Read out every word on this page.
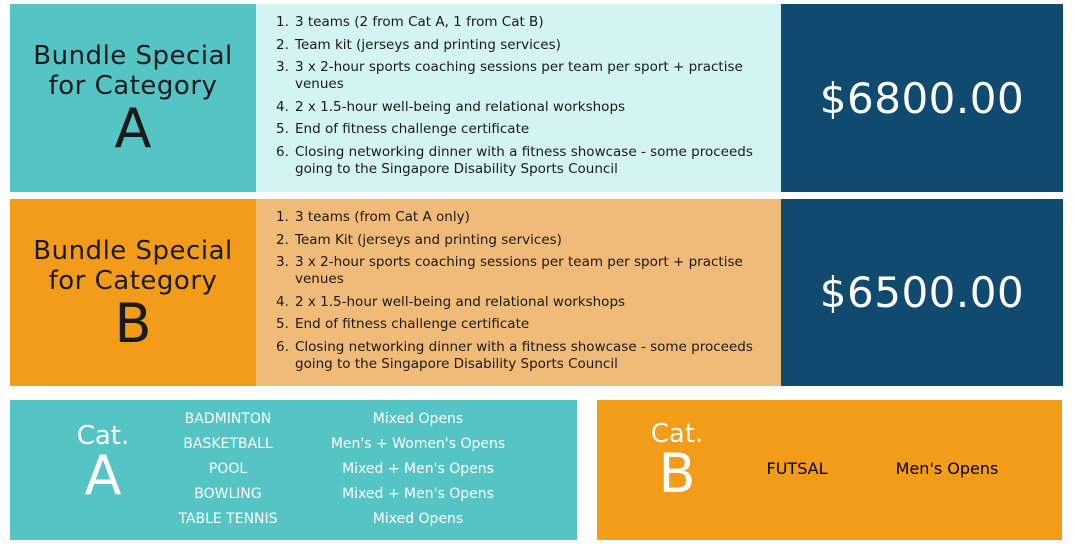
Bundle Special
for Category
A
1. 3 teams (2 from Cat A, 1 from Cat B)
2. Team kit (jerseys and printing services)
3. 3 x 2-hour sports coaching sessions per team per sport + practise venues
4. 2 x 1.5-hour well-being and relational workshops
5. End of fitness challenge certificate
6. Closing networking dinner with a fitness showcase - some proceeds going to the Singapore Disability Sports Council
$6800.00
Bundle Special
for Category
B
1. 3 teams (from Cat A only)
2. Team Kit (jerseys and printing services)
3. 3 x 2-hour sports coaching sessions per team per sport + practise venues
4. 2 x 1.5-hour well-being and relational workshops
5. End of fitness challenge certificate
6. Closing networking dinner with a fitness showcase - some proceeds going to the Singapore Disability Sports Council
$6500.00
Cat.
A
BADMINTON	Mixed Opens
BASKETBALL	Men's + Women's Opens
POOL	Mixed + Men's Opens
BOWLING	Mixed + Men's Opens
TABLE TENNIS	Mixed Opens
Cat.
B	FUTSAL	Men's Opens
